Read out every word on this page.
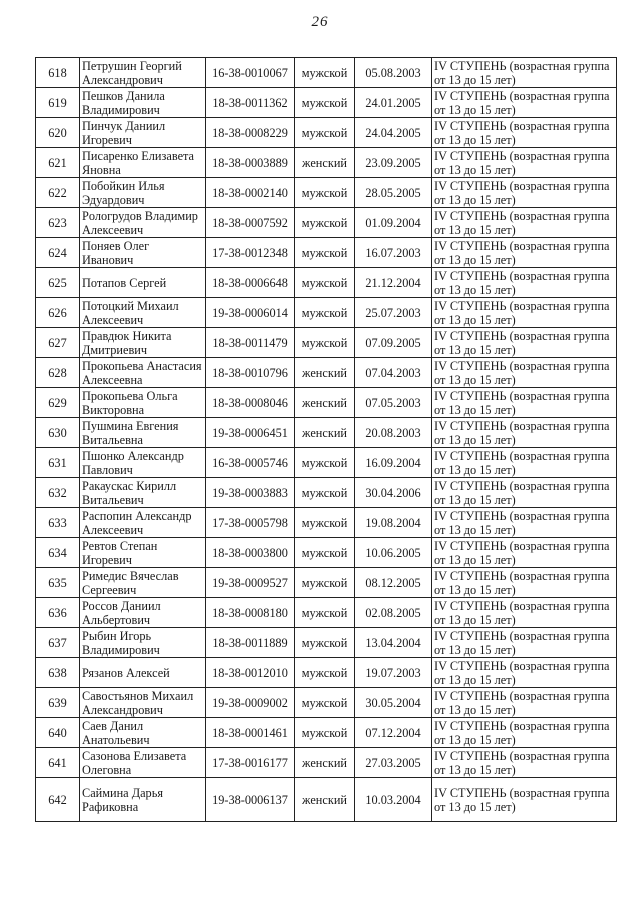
26
618	Петрушин Георгий Александрович	16-38-0010067	мужской	05.08.2003	IV СТУПЕНЬ (возрастная группа от 13 до 15 лет)
619	Пешков Данила Владимирович	18-38-0011362	мужской	24.01.2005	IV СТУПЕНЬ (возрастная группа от 13 до 15 лет)
620	Пинчук Даниил Игоревич	18-38-0008229	мужской	24.04.2005	IV СТУПЕНЬ (возрастная группа от 13 до 15 лет)
621	Писаренко Елизавета Яновна	18-38-0003889	женский	23.09.2005	IV СТУПЕНЬ (возрастная группа от 13 до 15 лет)
622	Побойкин Илья Эдуардович	18-38-0002140	мужской	28.05.2005	IV СТУПЕНЬ (возрастная группа от 13 до 15 лет)
623	Pологрудов Владимир Алексеевич	18-38-0007592	мужской	01.09.2004	IV СТУПЕНЬ (возрастная группа от 13 до 15 лет)
624	Поняев Олег Иванович	17-38-0012348	мужской	16.07.2003	IV СТУПЕНЬ (возрастная группа от 13 до 15 лет)
625	Потапов Сергей	18-38-0006648	мужской	21.12.2004	IV СТУПЕНЬ (возрастная группа от 13 до 15 лет)
626	Потоцкий Михаил Алексеевич	19-38-0006014	мужской	25.07.2003	IV СТУПЕНЬ (возрастная группа от 13 до 15 лет)
627	Правдюк Никита Дмитриевич	18-38-0011479	мужской	07.09.2005	IV СТУПЕНЬ (возрастная группа от 13 до 15 лет)
628	Прокопьева Анастасия Алексеевна	18-38-0010796	женский	07.04.2003	IV СТУПЕНЬ (возрастная группа от 13 до 15 лет)
629	Прокопьева Ольга Викторовна	18-38-0008046	женский	07.05.2003	IV СТУПЕНЬ (возрастная группа от 13 до 15 лет)
630	Пушмина Евгения Витальевна	19-38-0006451	женский	20.08.2003	IV СТУПЕНЬ (возрастная группа от 13 до 15 лет)
631	Пшонко Александр Павлович	16-38-0005746	мужской	16.09.2004	IV СТУПЕНЬ (возрастная группа от 13 до 15 лет)
632	Ракаускас Кирилл Витальевич	19-38-0003883	мужской	30.04.2006	IV СТУПЕНЬ (возрастная группа от 13 до 15 лет)
633	Распопин Александр Алексеевич	17-38-0005798	мужской	19.08.2004	IV СТУПЕНЬ (возрастная группа от 13 до 15 лет)
634	Ревтов Степан Игоревич	18-38-0003800	мужской	10.06.2005	IV СТУПЕНЬ (возрастная группа от 13 до 15 лет)
635	Римедис Вячеслав Сергеевич	19-38-0009527	мужской	08.12.2005	IV СТУПЕНЬ (возрастная группа от 13 до 15 лет)
636	Россов Даниил Альбертович	18-38-0008180	мужской	02.08.2005	IV СТУПЕНЬ (возрастная группа от 13 до 15 лет)
637	Рыбин Игорь Владимирович	18-38-0011889	мужской	13.04.2004	IV СТУПЕНЬ (возрастная группа от 13 до 15 лет)
638	Рязанов Алексей	18-38-0012010	мужской	19.07.2003	IV СТУПЕНЬ (возрастная группа от 13 до 15 лет)
639	Савостьянов Михаил Александрович	19-38-0009002	мужской	30.05.2004	IV СТУПЕНЬ (возрастная группа от 13 до 15 лет)
640	Саев Данил Анатольевич	18-38-0001461	мужской	07.12.2004	IV СТУПЕНЬ (возрастная группа от 13 до 15 лет)
641	Сазонова Елизавета Олеговна	17-38-0016177	женский	27.03.2005	IV СТУПЕНЬ (возрастная группа от 13 до 15 лет)
642	Саймина Дарья Рафиковна	19-38-0006137	женский	10.03.2004	IV СТУПЕНЬ (возрастная группа от 13 до 15 лет)
